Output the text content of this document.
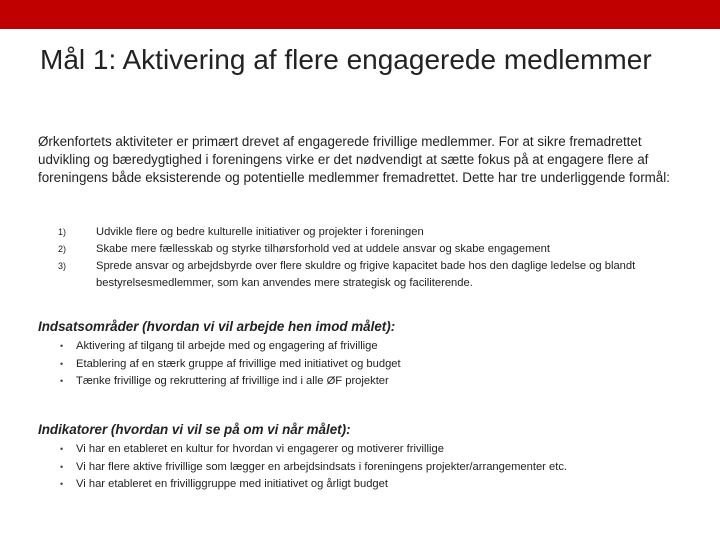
Mål 1: Aktivering af flere engagerede medlemmer

Ørkenfortets aktiviteter er primært drevet af engagerede frivillige medlemmer. For at sikre fremadrettet udvikling og bæredygtighed i foreningens virke er det nødvendigt at sætte fokus på at engagere flere af foreningens både eksisterende og potentielle medlemmer fremadrettet. Dette har tre underliggende formål:

1)	Udvikle flere og bedre kulturelle initiativer og projekter i foreningen
2)	Skabe mere fællesskab og styrke tilhørsforhold ved at uddele ansvar og skabe engagement
3)	Sprede ansvar og arbejdsbyrde over flere skuldre og frigive kapacitet bade hos den daglige ledelse og blandt bestyrelsesmedlemmer, som kan anvendes mere strategisk og faciliterende.
Indsatsområder (hvordan vi vil arbejde hen imod målet):
•	Aktivering af tilgang til arbejde med og engagering af frivillige
•	Etablering af en stærk gruppe af frivillige med initiativet og budget
•	Tænke frivillige og rekruttering af frivillige ind i alle ØF projekter
Indikatorer (hvordan vi vil se på om vi når målet):
•	Vi har en etableret en kultur for hvordan vi engagerer og motiverer frivillige
•	Vi har flere aktive frivillige som lægger en arbejdsindsats i foreningens projekter/arrangementer etc.
•	Vi har etableret en frivilliggruppe med initiativet og årligt budget
